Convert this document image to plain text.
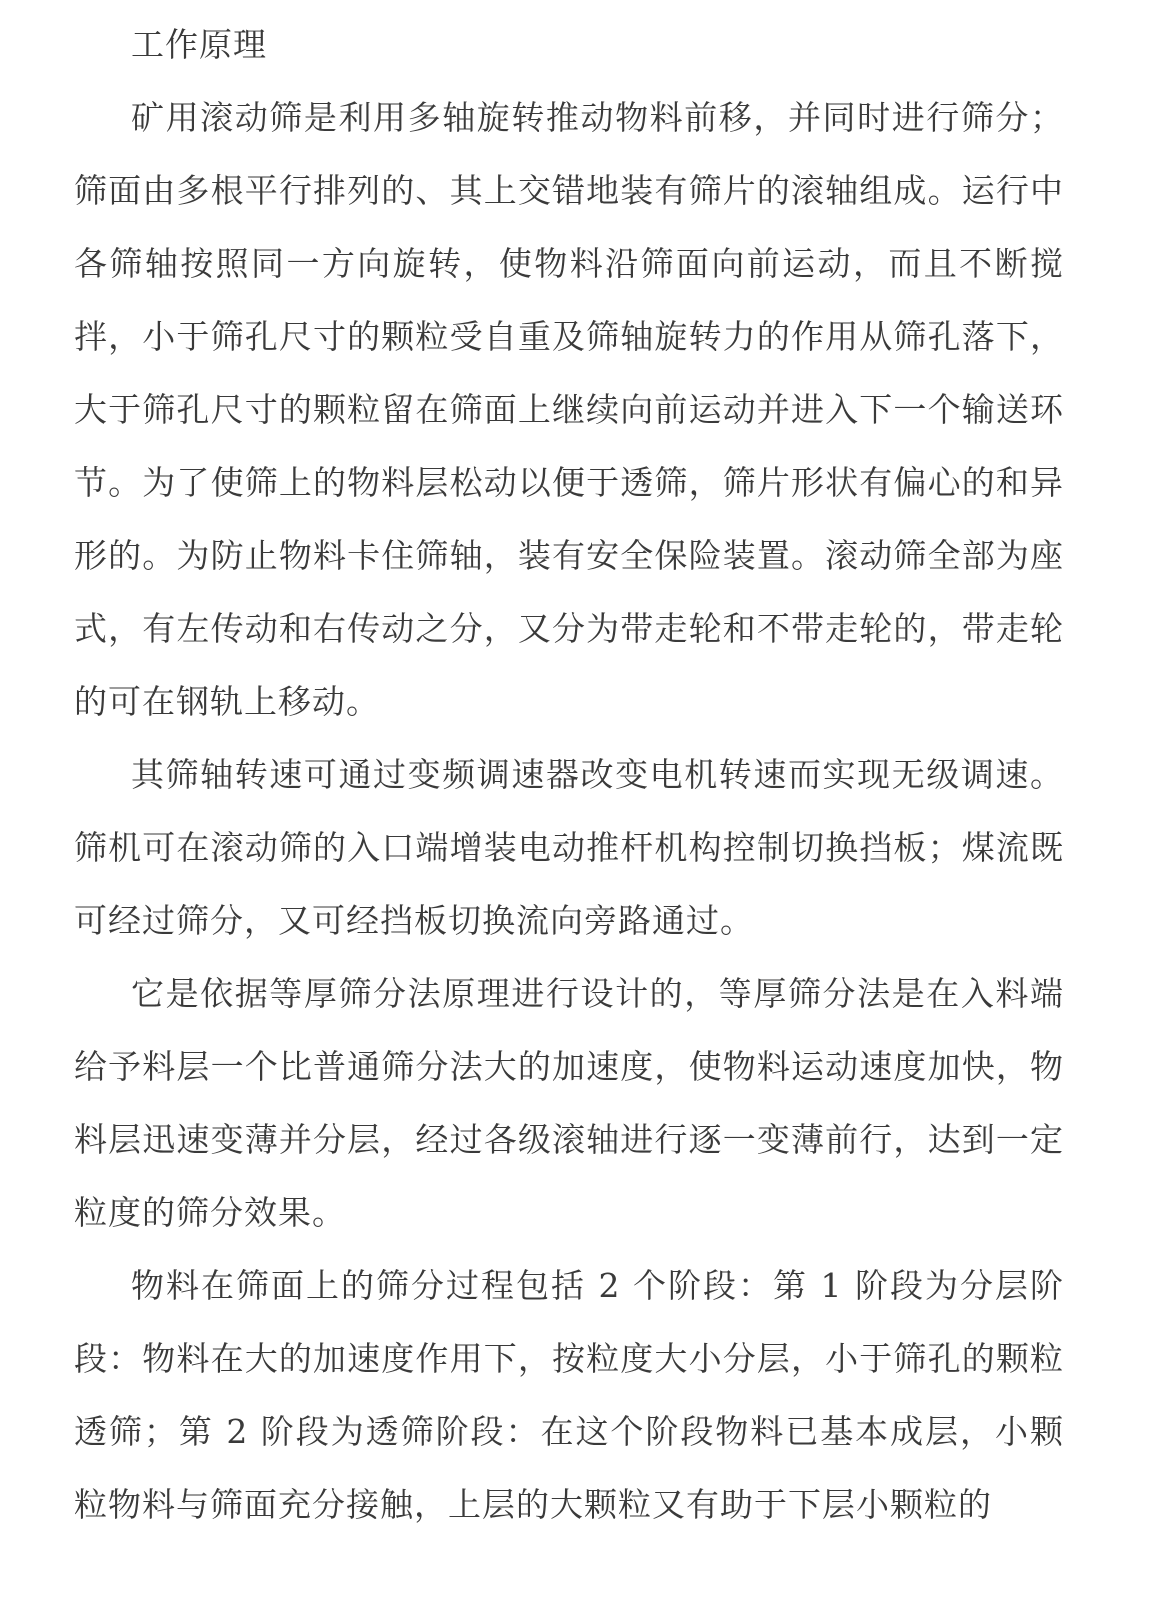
工作原理

矿用滚动筛是利用多轴旋转推动物料前移，并同时进行筛分；筛面由多根平行排列的、其上交错地装有筛片的滚轴组成。运行中各筛轴按照同一方向旋转，使物料沿筛面向前运动，而且不断搅拌，小于筛孔尺寸的颗粒受自重及筛轴旋转力的作用从筛孔落下，大于筛孔尺寸的颗粒留在筛面上继续向前运动并进入下一个输送环节。为了使筛上的物料层松动以便于透筛，筛片形状有偏心的和异形的。为防止物料卡住筛轴，装有安全保险装置。滚动筛全部为座式，有左传动和右传动之分，又分为带走轮和不带走轮的，带走轮的可在钢轨上移动。

其筛轴转速可通过变频调速器改变电机转速而实现无级调速。筛机可在滚动筛的入口端增装电动推杆机构控制切换挡板；煤流既可经过筛分，又可经挡板切换流向旁路通过。

它是依据等厚筛分法原理进行设计的，等厚筛分法是在入料端给予料层一个比普通筛分法大的加速度，使物料运动速度加快，物料层迅速变薄并分层，经过各级滚轴进行逐一变薄前行，达到一定粒度的筛分效果。

物料在筛面上的筛分过程包括 2 个阶段：第 1 阶段为分层阶段：物料在大的加速度作用下，按粒度大小分层，小于筛孔的颗粒透筛；第 2 阶段为透筛阶段：在这个阶段物料已基本成层，小颗粒物料与筛面充分接触，上层的大颗粒又有助于下层小颗粒的
